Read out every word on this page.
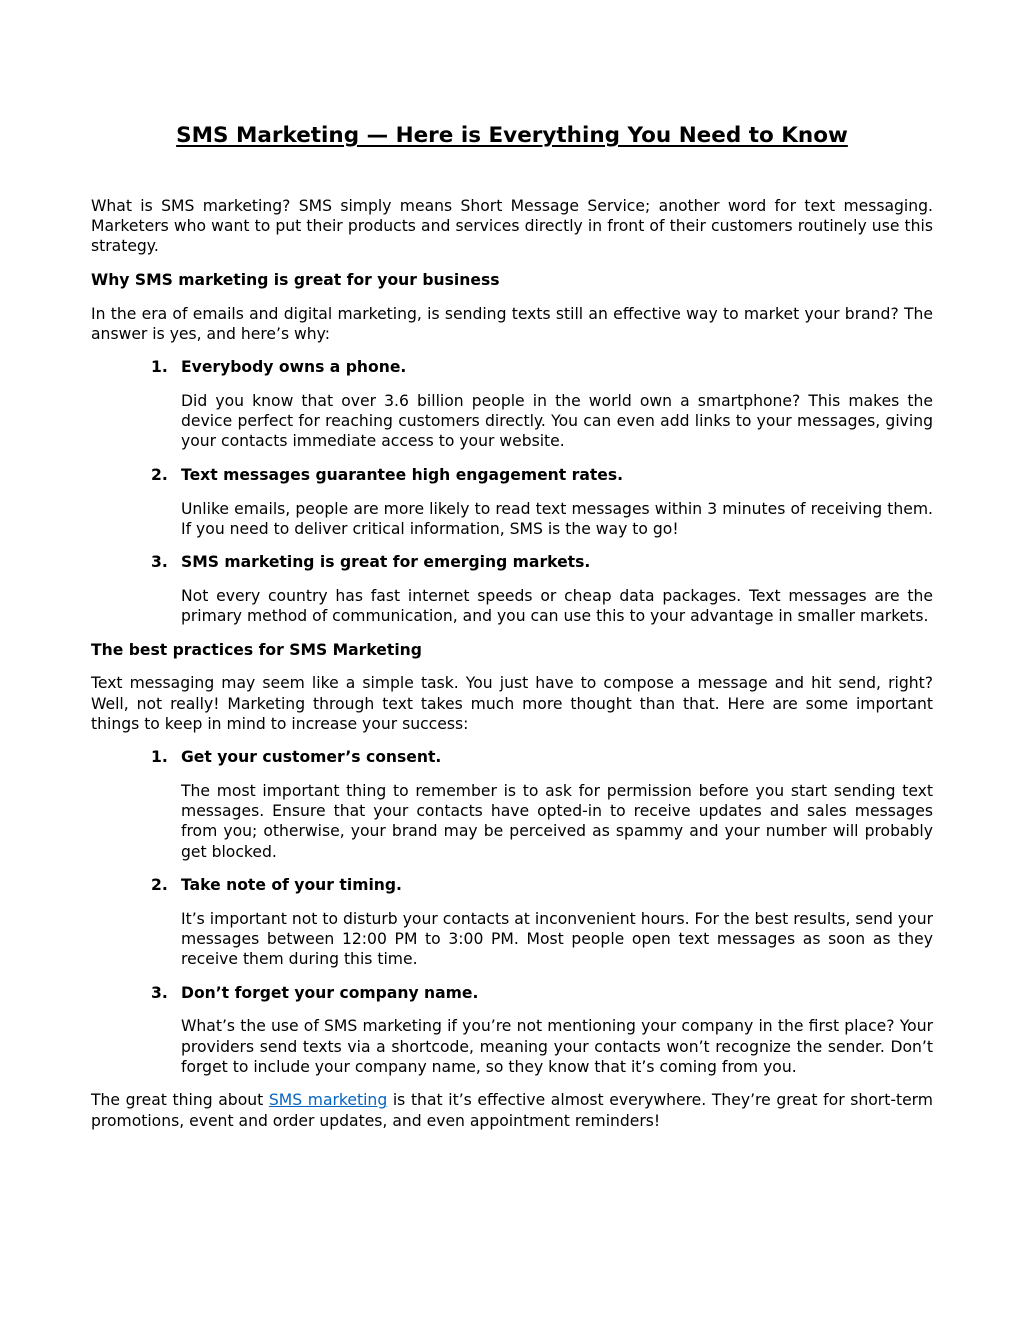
SMS Marketing — Here is Everything You Need to Know

What is SMS marketing? SMS simply means Short Message Service; another word for text messaging. Marketers who want to put their products and services directly in front of their customers routinely use this strategy.

Why SMS marketing is great for your business

In the era of emails and digital marketing, is sending texts still an effective way to market your brand? The answer is yes, and here’s why:

1. Everybody owns a phone.

Did you know that over 3.6 billion people in the world own a smartphone? This makes the device perfect for reaching customers directly. You can even add links to your messages, giving your contacts immediate access to your website.

2. Text messages guarantee high engagement rates.

Unlike emails, people are more likely to read text messages within 3 minutes of receiving them. If you need to deliver critical information, SMS is the way to go!

3. SMS marketing is great for emerging markets.

Not every country has fast internet speeds or cheap data packages. Text messages are the primary method of communication, and you can use this to your advantage in smaller markets.

The best practices for SMS Marketing

Text messaging may seem like a simple task. You just have to compose a message and hit send, right? Well, not really! Marketing through text takes much more thought than that. Here are some important things to keep in mind to increase your success:

1. Get your customer’s consent.

The most important thing to remember is to ask for permission before you start sending text messages. Ensure that your contacts have opted-in to receive updates and sales messages from you; otherwise, your brand may be perceived as spammy and your number will probably get blocked.

2. Take note of your timing.

It’s important not to disturb your contacts at inconvenient hours. For the best results, send your messages between 12:00 PM to 3:00 PM. Most people open text messages as soon as they receive them during this time.

3. Don’t forget your company name.

What’s the use of SMS marketing if you’re not mentioning your company in the first place? Your providers send texts via a shortcode, meaning your contacts won’t recognize the sender. Don’t forget to include your company name, so they know that it’s coming from you.

The great thing about SMS marketing is that it’s effective almost everywhere. They’re great for short-term promotions, event and order updates, and even appointment reminders!
